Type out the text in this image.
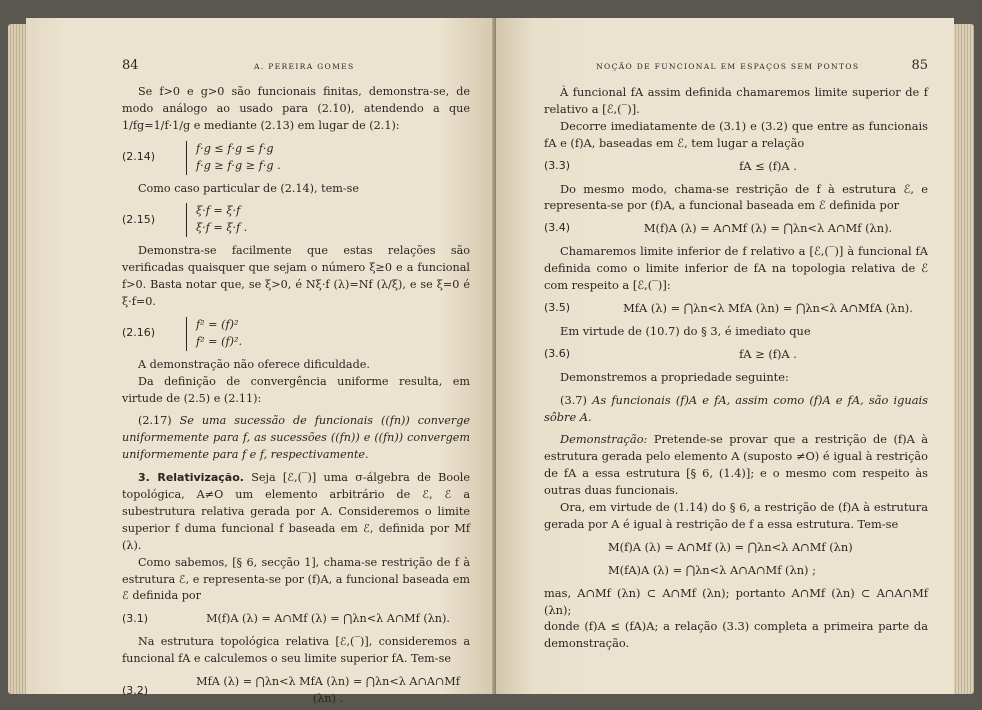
84	A. PEREIRA GOMES

Se f>0 e g>0 são funcionais finitas, demonstra-se, de modo análogo ao usado para (2.10), atendendo a que 1/fg=1/f·1/g e mediante (2.13) em lugar de (2.1):

(2.14)
f·g ≤ f·g ≤ f·g
f·g ≥ f·g ≥ f·g .

Como caso particular de (2.14), tem-se

(2.15)
ξ·f = ξ·f
ξ·f = ξ·f .

Demonstra-se facilmente que estas relações são verificadas quaisquer que sejam o número ξ≥0 e a funcional f>0. Basta notar que, se ξ>0, é Nξ·f (λ)=Nf (λ/ξ), e se ξ=0 é ξ·f=0.

(2.16)
f² = (f)²
f² = (f)².

A demonstração não oferece dificuldade.

Da definição de convergência uniforme resulta, em virtude de (2.5) e (2.11):

(2.17) Se uma sucessão de funcionais ((fn)) converge uniformemente para f, as sucessões ((fn)) e ((fn)) convergem uniformemente para f e f, respectivamente.

3. Relativização. Seja [ℰ,(‾)] uma σ-álgebra de Boole topológica, A≠O um elemento arbitrário de ℰ, ℰ a subestrutura relativa gerada por A. Consideremos o limite superior f duma funcional f baseada em ℰ, definida por Mf (λ).

Como sabemos, [§ 6, secção 1], chama-se restrição de f à estrutura ℰ, e representa-se por (f)A, a funcional baseada em ℰ definida por

(3.1)	M(f)A (λ) = A∩Mf (λ) = ⋂λn<λ A∩Mf (λn).

Na estrutura topológica relativa [ℰ,(‾)], consideremos a funcional fA e calculemos o seu limite superior fA. Tem-se

(3.2)
MfA (λ) = ⋂λn<λ MfA (λn) = ⋂λn<λ A∩A∩Mf (λn) .
NOÇÃO DE FUNCIONAL EM ESPAÇOS SEM PONTOS	85

À funcional fA assim definida chamaremos limite superior de f relativo a [ℰ,(‾)].

Decorre imediatamente de (3.1) e (3.2) que entre as funcionais fA e (f)A, baseadas em ℰ, tem lugar a relação

(3.3)	fA ≤ (f)A .

Do mesmo modo, chama-se restrição de f à estrutura ℰ, e representa-se por (f)A, a funcional baseada em ℰ definida por

(3.4)	M(f)A (λ) = A∩Mf (λ) = ⋂λn<λ A∩Mf (λn).

Chamaremos limite inferior de f relativo a [ℰ,(‾)] à funcional fA definida como o limite inferior de fA na topologia relativa de ℰ com respeito a [ℰ,(‾)]:

(3.5)	MfA (λ) = ⋂λn<λ MfA (λn) = ⋂λn<λ A∩MfA (λn).

Em virtude de (10.7) do § 3, é imediato que

(3.6)	fA ≥ (f)A .

Demonstremos a propriedade seguinte:

(3.7) As funcionais (f)A e fA, assim como (f)A e fA, são iguais sôbre A.

Demonstração: Pretende-se provar que a restrição de (f)A à estrutura gerada pelo elemento A (suposto ≠O) é igual à restrição de fA a essa estrutura [§ 6, (1.4)]; e o mesmo com respeito às outras duas funcionais.

Ora, em virtude de (1.14) do § 6, a restrição de (f)A à estrutura gerada por A é igual à restrição de f a essa estrutura. Tem-se

M(f)A (λ) = A∩Mf (λ) = ⋂λn<λ A∩Mf (λn)
M(fA)A (λ) = ⋂λn<λ A∩A∩Mf (λn) ;

mas, A∩Mf (λn) ⊂ A∩Mf (λn); portanto A∩Mf (λn) ⊂ A∩A∩Mf (λn);

donde (f)A ≤ (fA)A; a relação (3.3) completa a primeira parte da demonstração.
